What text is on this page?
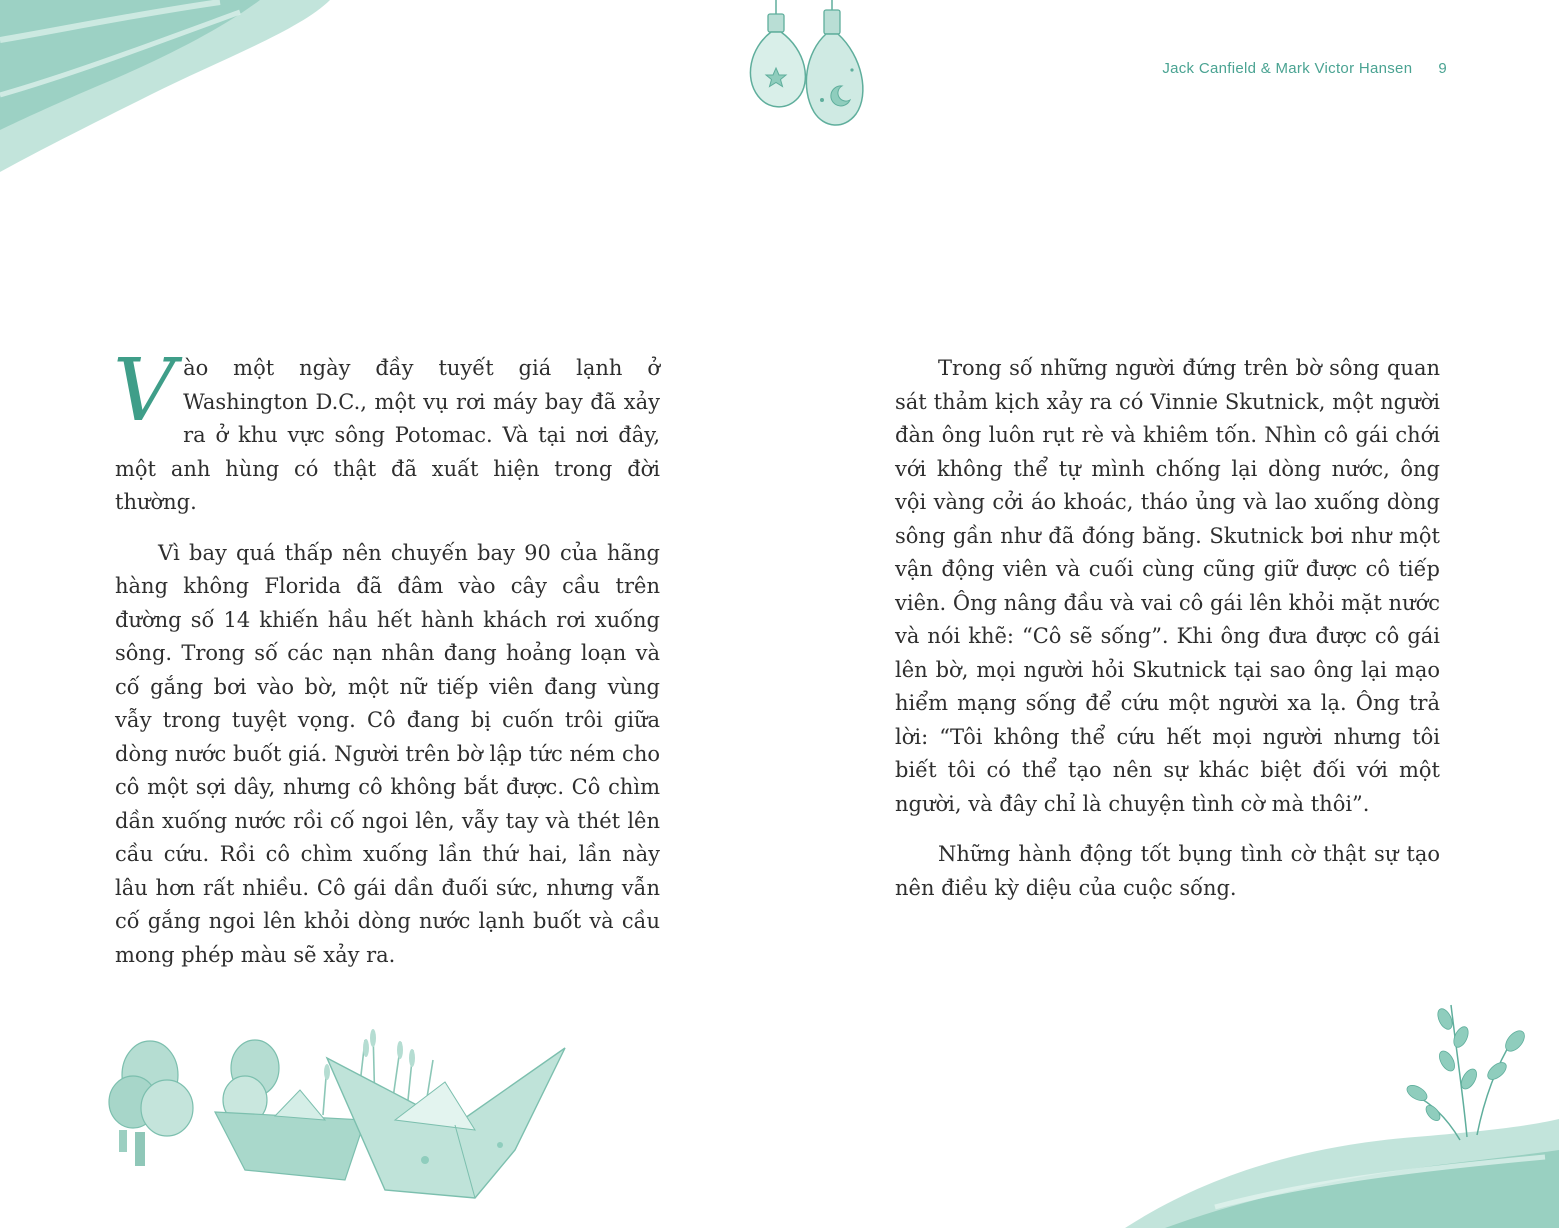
Jack Canfield & Mark Victor Hansen 9

Vào một ngày đầy tuyết giá lạnh ở Washington D.C., một vụ rơi máy bay đã xảy ra ở khu vực sông Potomac. Và tại nơi đây, một anh hùng có thật đã xuất hiện trong đời thường.

Vì bay quá thấp nên chuyến bay 90 của hãng hàng không Florida đã đâm vào cây cầu trên đường số 14 khiến hầu hết hành khách rơi xuống sông. Trong số các nạn nhân đang hoảng loạn và cố gắng bơi vào bờ, một nữ tiếp viên đang vùng vẫy trong tuyệt vọng. Cô đang bị cuốn trôi giữa dòng nước buốt giá. Người trên bờ lập tức ném cho cô một sợi dây, nhưng cô không bắt được. Cô chìm dần xuống nước rồi cố ngoi lên, vẫy tay và thét lên cầu cứu. Rồi cô chìm xuống lần thứ hai, lần này lâu hơn rất nhiều. Cô gái dần đuối sức, nhưng vẫn cố gắng ngoi lên khỏi dòng nước lạnh buốt và cầu mong phép màu sẽ xảy ra.

Trong số những người đứng trên bờ sông quan sát thảm kịch xảy ra có Vinnie Skutnick, một người đàn ông luôn rụt rè và khiêm tốn. Nhìn cô gái chới với không thể tự mình chống lại dòng nước, ông vội vàng cởi áo khoác, tháo ủng và lao xuống dòng sông gần như đã đóng băng. Skutnick bơi như một vận động viên và cuối cùng cũng giữ được cô tiếp viên. Ông nâng đầu và vai cô gái lên khỏi mặt nước và nói khẽ: “Cô sẽ sống”. Khi ông đưa được cô gái lên bờ, mọi người hỏi Skutnick tại sao ông lại mạo hiểm mạng sống để cứu một người xa lạ. Ông trả lời: “Tôi không thể cứu hết mọi người nhưng tôi biết tôi có thể tạo nên sự khác biệt đối với một người, và đây chỉ là chuyện tình cờ mà thôi”.

Những hành động tốt bụng tình cờ thật sự tạo nên điều kỳ diệu của cuộc sống.
